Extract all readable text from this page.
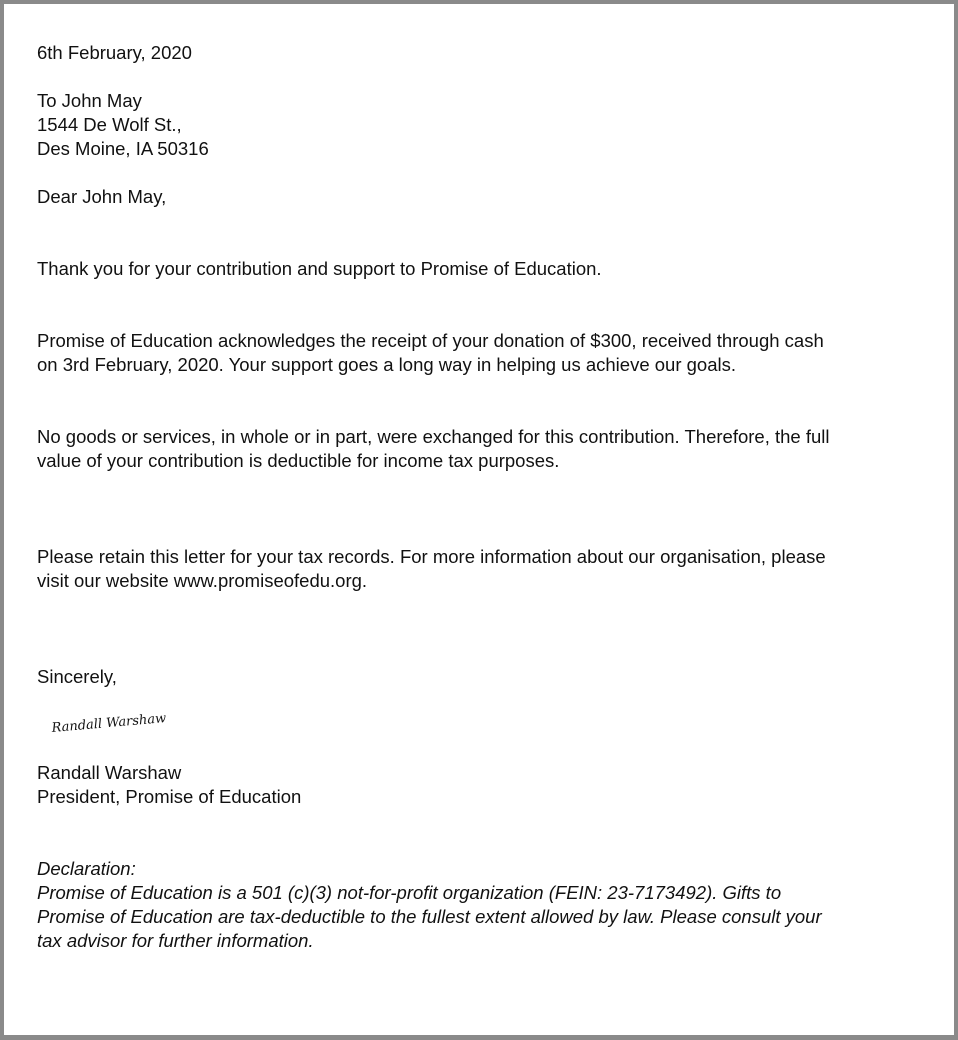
6th February, 2020
To John May
1544 De Wolf St.,
Des Moine, IA 50316
Dear John May,
Thank you for your contribution and support to Promise of Education.
Promise of Education acknowledges the receipt of your donation of $300, received through cash
on 3rd February, 2020. Your support goes a long way in helping us achieve our goals.
No goods or services, in whole or in part, were exchanged for this contribution. Therefore, the full
value of your contribution is deductible for income tax purposes.
Please retain this letter for your tax records. For more information about our organisation, please
visit our website www.promiseofedu.org.
Sincerely,
Randall Warshaw
Randall Warshaw
President, Promise of Education
Declaration:
Promise of Education is a 501 (c)(3) not-for-profit organization (FEIN: 23-7173492). Gifts to
Promise of Education are tax-deductible to the fullest extent allowed by law. Please consult your
tax advisor for further information.
